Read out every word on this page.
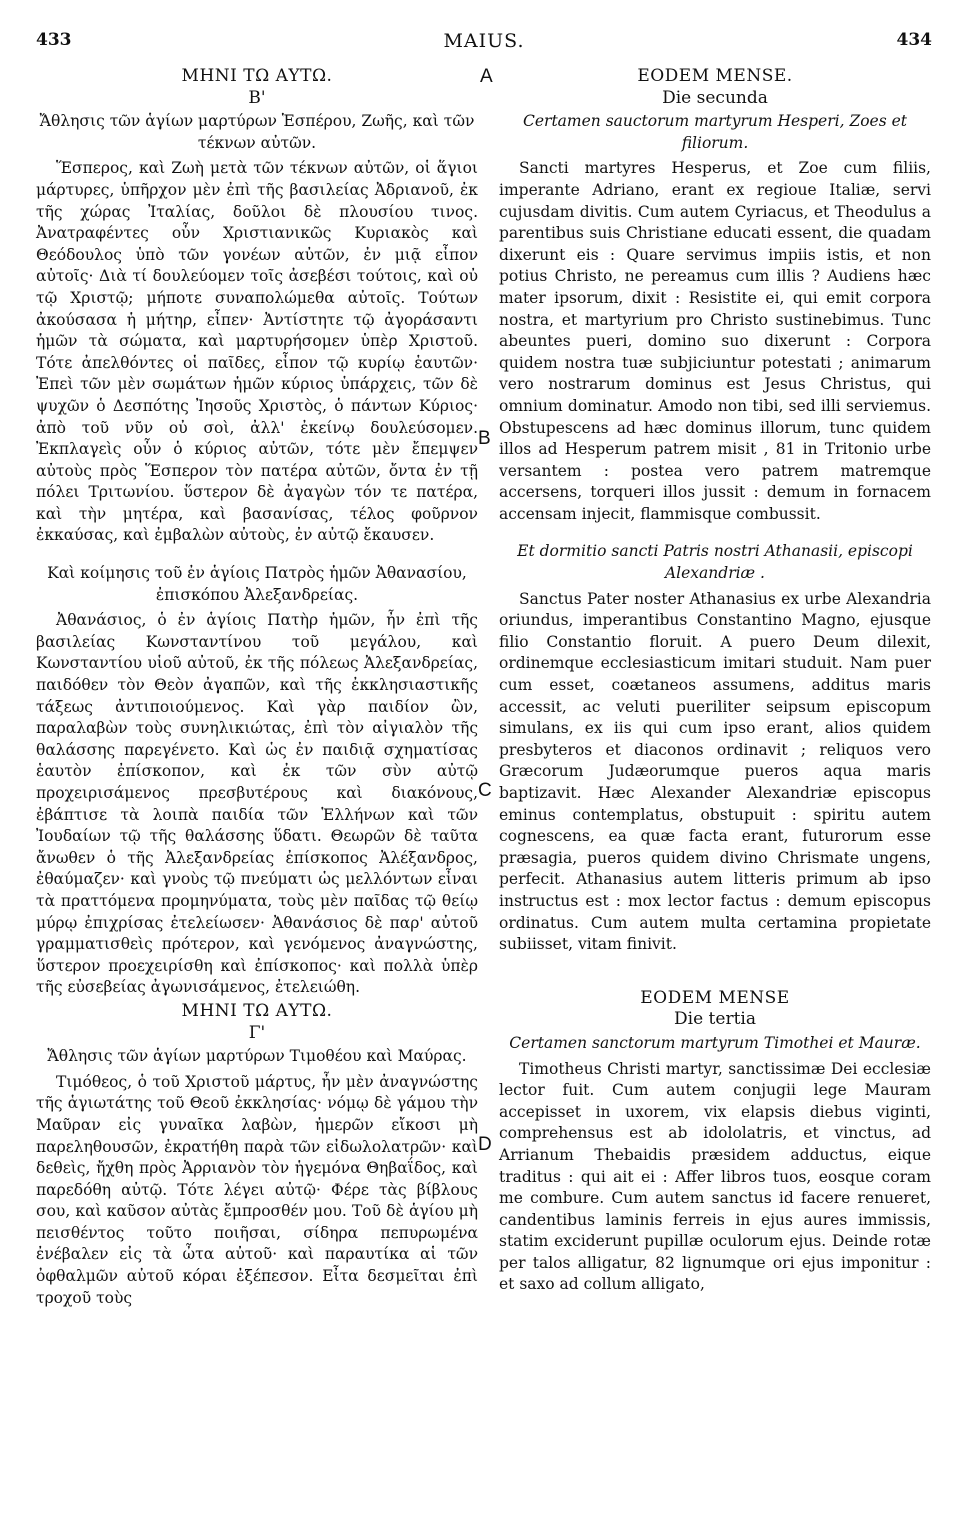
433	MAIUS.	434
A
B
C
D

ΜΗΝΙ ΤΩ ΑΥΤΩ.

Β'

Ἄθλησις τῶν ἁγίων μαρτύρων Ἑσπέρου, Ζωῆς, καὶ τῶν τέκνων αὐτῶν.

Ἕσπερος, καὶ Ζωὴ μετὰ τῶν τέκνων αὐτῶν, οἱ ἅγιοι μάρτυρες, ὑπῆρχον μὲν ἐπὶ τῆς βασιλείας Ἀδριανοῦ, ἐκ τῆς χώρας Ἰταλίας, δοῦλοι δὲ πλουσίου τινος. Ἀνατραφέντες οὖν Χριστιανικῶς Κυριακὸς καὶ Θεόδουλος ὑπὸ τῶν γονέων αὐτῶν, ἐν μιᾷ εἶπον αὐτοῖς· Διὰ τί δουλεύομεν τοῖς ἀσεβέσι τούτοις, καὶ οὐ τῷ Χριστῷ; μήποτε συναπολώμεθα αὐτοῖς. Τούτων ἀκούσασα ἡ μήτηρ, εἶπεν· Ἀντίστητε τῷ ἀγοράσαντι ἡμῶν τὰ σώματα, καὶ μαρτυρήσομεν ὑπὲρ Χριστοῦ. Τότε ἀπελθόντες οἱ παῖδες, εἶπον τῷ κυρίῳ ἑαυτῶν· Ἐπεὶ τῶν μὲν σωμάτων ἡμῶν κύριος ὑπάρχεις, τῶν δὲ ψυχῶν ὁ Δεσπότης Ἰησοῦς Χριστὸς, ὁ πάντων Κύριος· ἀπὸ τοῦ νῦν οὐ σοὶ, ἀλλ' ἐκείνῳ δουλεύσομεν. Ἐκπλαγεὶς οὖν ὁ κύριος αὐτῶν, τότε μὲν ἔπεμψεν αὐτοὺς πρὸς Ἕσπερον τὸν πατέρα αὐτῶν, ὄντα ἐν τῇ πόλει Τριτωνίου. ὕστερον δὲ ἀγαγὼν τόν τε πατέρα, καὶ τὴν μητέρα, καὶ βασανίσας, τέλος φοῦρνον ἐκκαύσας, καὶ ἐμβαλὼν αὐτοὺς, ἐν αὐτῷ ἔκαυσεν.

Καὶ κοίμησις τοῦ ἐν ἁγίοις Πατρὸς ἡμῶν Ἀθανασίου, ἐπισκόπου Ἀλεξανδρείας.

Ἀθανάσιος, ὁ ἐν ἁγίοις Πατὴρ ἡμῶν, ἦν ἐπὶ τῆς βασιλείας Κωνσταντίνου τοῦ μεγάλου, καὶ Κωνσταντίου υἱοῦ αὐτοῦ, ἐκ τῆς πόλεως Ἀλεξανδρείας, παιδόθεν τὸν Θεὸν ἀγαπῶν, καὶ τῆς ἐκκλησιαστικῆς τάξεως ἀντιποιούμενος. Καὶ γὰρ παιδίον ὢν, παραλαβὼν τοὺς συνηλικιώτας, ἐπὶ τὸν αἰγιαλὸν τῆς θαλάσσης παρεγένετο. Καὶ ὡς ἐν παιδιᾷ σχηματίσας ἑαυτὸν ἐπίσκοπον, καὶ ἐκ τῶν σὺν αὐτῷ προχειρισάμενος πρεσβυτέρους καὶ διακόνους, ἐβάπτισε τὰ λοιπὰ παιδία τῶν Ἑλλήνων καὶ τῶν Ἰουδαίων τῷ τῆς θαλάσσης ὕδατι. Θεωρῶν δὲ ταῦτα ἄνωθεν ὁ τῆς Ἀλεξανδρείας ἐπίσκοπος Ἀλέξανδρος, ἐθαύμαζεν· καὶ γνοὺς τῷ πνεύματι ὡς μελλόντων εἶναι τὰ πραττόμενα προμηνύματα, τοὺς μὲν παῖδας τῷ θείῳ μύρῳ ἐπιχρίσας ἐτελείωσεν· Ἀθανάσιος δὲ παρ' αὐτοῦ γραμματισθεὶς πρότερον, καὶ γενόμενος ἀναγνώστης, ὕστερον προεχειρίσθη καὶ ἐπίσκοπος· καὶ πολλὰ ὑπὲρ τῆς εὐσεβείας ἀγωνισάμενος, ἐτελειώθη.

ΜΗΝΙ ΤΩ ΑΥΤΩ.

Γ'

Ἄθλησις τῶν ἁγίων μαρτύρων Τιμοθέου καὶ Μαύρας.

Τιμόθεος, ὁ τοῦ Χριστοῦ μάρτυς, ἦν μὲν ἀναγνώστης τῆς ἁγιωτάτης τοῦ Θεοῦ ἐκκλησίας· νόμῳ δὲ γάμου τὴν Μαῦραν εἰς γυναῖκα λαβὼν, ἡμερῶν εἴκοσι μὴ παρεληθουσῶν, ἐκρατήθη παρὰ τῶν εἰδωλολατρῶν· καὶ δεθεὶς, ἤχθη πρὸς Ἀρριανὸν τὸν ἡγεμόνα Θηβαΐδος, καὶ παρεδόθη αὐτῷ. Τότε λέγει αὐτῷ· Φέρε τὰς βίβλους σου, καὶ καῦσον αὐτὰς ἔμπροσθέν μου. Τοῦ δὲ ἁγίου μὴ πεισθέντος τοῦτο ποιῆσαι, σίδηρα πεπυρωμένα ἐνέβαλεν εἰς τὰ ὦτα αὐτοῦ· καὶ παραυτίκα αἱ τῶν ὀφθαλμῶν αὐτοῦ κόραι ἐξέπεσον. Εἶτα δεσμεῖται ἐπὶ τροχοῦ τοὺς

EODEM MENSE.

Die secunda

Certamen sauctorum martyrum Hesperi, Zoes et filiorum.

Sancti martyres Hesperus, et Zoe cum filiis, imperante Adriano, erant ex regioue Italiæ, servi cujusdam divitis. Cum autem Cyriacus, et Theodulus a parentibus suis Christiane educati essent, die quadam dixerunt eis : Quare servimus impiis istis, et non potius Christo, ne pereamus cum illis ? Audiens hæc mater ipsorum, dixit : Resistite ei, qui emit corpora nostra, et martyrium pro Christo sustinebimus. Tunc abeuntes pueri, domino suo dixerunt : Corpora quidem nostra tuæ subjiciuntur potestati ; animarum vero nostrarum dominus est Jesus Christus, qui omnium dominatur. Amodo non tibi, sed illi serviemus. Obstupescens ad hæc dominus illorum, tunc quidem illos ad Hesperum patrem misit , 81 in Tritonio urbe versantem : postea vero patrem matremque accersens, torqueri illos jussit : demum in fornacem accensam injecit, flammisque combussit.

Et dormitio sancti Patris nostri Athanasii, episcopi Alexandriæ .

Sanctus Pater noster Athanasius ex urbe Alexandria oriundus, imperantibus Constantino Magno, ejusque filio Constantio floruit. A puero Deum dilexit, ordinemque ecclesiasticum imitari studuit. Nam puer cum esset, coætaneos assumens, additus maris accessit, ac veluti pueriliter seipsum episcopum simulans, ex iis qui cum ipso erant, alios quidem presbyteros et diaconos ordinavit ; reliquos vero Græcorum Judæorumque pueros aqua maris baptizavit. Hæc Alexander Alexandriæ episcopus eminus contemplatus, obstupuit : spiritu autem cognescens, ea quæ facta erant, futurorum esse præsagia, pueros quidem divino Chrismate ungens, perfecit. Athanasius autem litteris primum ab ipso instructus est : mox lector factus : demum episcopus ordinatus. Cum autem multa certamina propietate subiisset, vitam finivit.

EODEM MENSE

Die tertia

Certamen sanctorum martyrum Timothei et Mauræ.

Timotheus Christi martyr, sanctissimæ Dei ecclesiæ lector fuit. Cum autem conjugii lege Mauram accepisset in uxorem, vix elapsis diebus viginti, comprehensus est ab idololatris, et vinctus, ad Arrianum Thebaidis præsidem adductus, eique traditus : qui ait ei : Affer libros tuos, eosque coram me combure. Cum autem sanctus id facere renueret, candentibus laminis ferreis in ejus aures immissis, statim exciderunt pupillæ oculorum ejus. Deinde rotæ per talos alligatur, 82 lignumque ori ejus imponitur : et saxo ad collum alligato,
